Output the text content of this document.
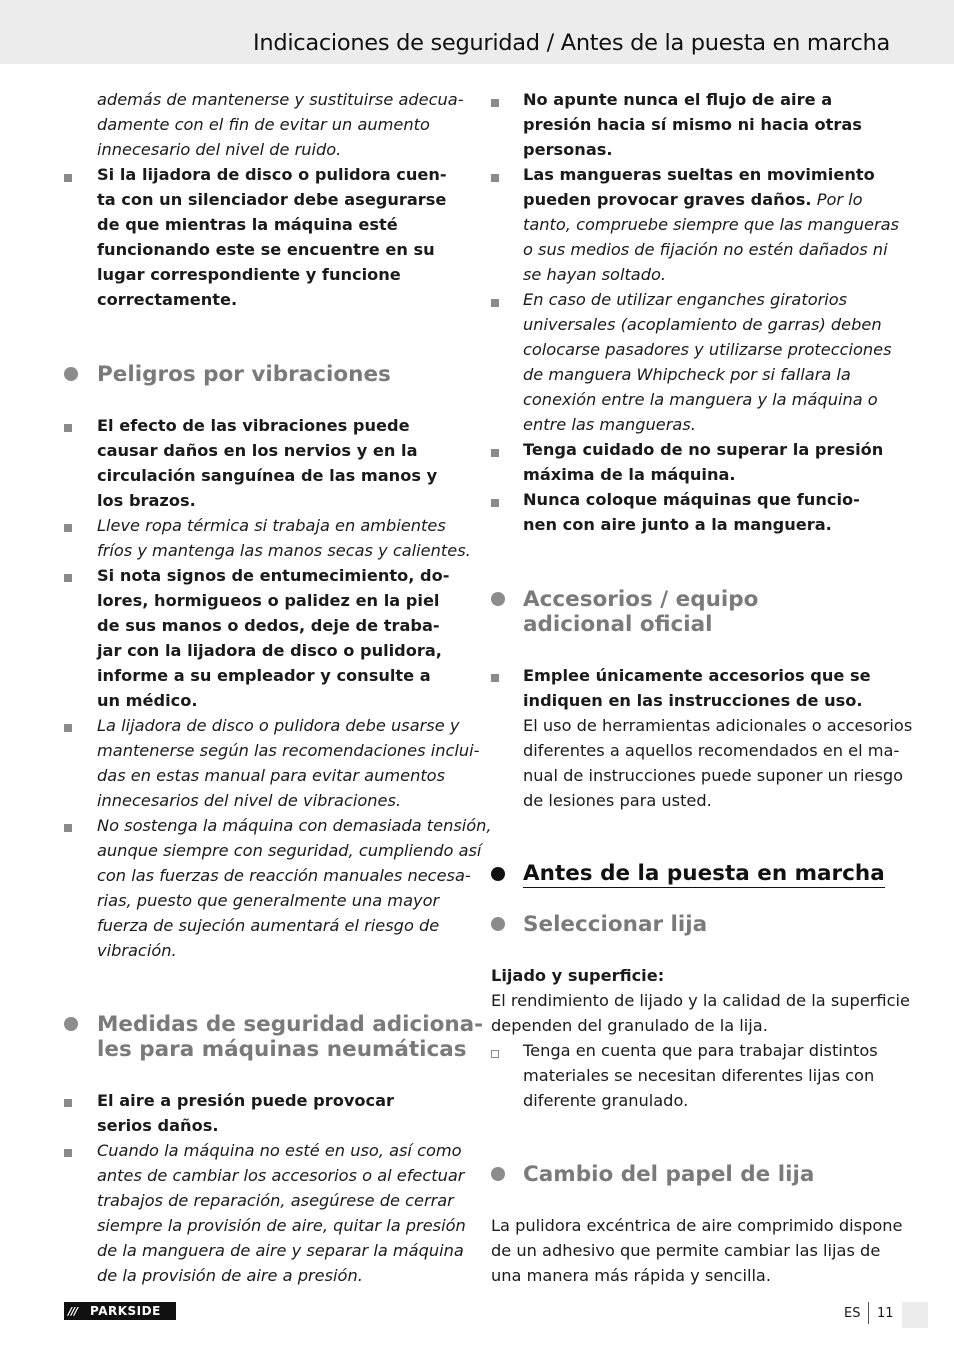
Indicaciones de seguridad / Antes de la puesta en marcha
además de mantenerse y sustituirse adecua-
damente con el fin de evitar un aumento
innecesario del nivel de ruido.
Si la lijadora de disco o pulidora cuen-
ta con un silenciador debe asegurarse
de que mientras la máquina esté
funcionando este se encuentre en su
lugar correspondiente y funcione
correctamente.
Peligros por vibraciones
El efecto de las vibraciones puede
causar daños en los nervios y en la
circulación sanguínea de las manos y
los brazos.
Lleve ropa térmica si trabaja en ambientes
fríos y mantenga las manos secas y calientes.
Si nota signos de entumecimiento, do-
lores, hormigueos o palidez en la piel
de sus manos o dedos, deje de traba-
jar con la lijadora de disco o pulidora,
informe a su empleador y consulte a
un médico.
La lijadora de disco o pulidora debe usarse y
mantenerse según las recomendaciones inclui-
das en estas manual para evitar aumentos
innecesarios del nivel de vibraciones.
No sostenga la máquina con demasiada tensión,
aunque siempre con seguridad, cumpliendo así
con las fuerzas de reacción manuales necesa-
rias, puesto que generalmente una mayor
fuerza de sujeción aumentará el riesgo de
vibración.
Medidas de seguridad adiciona-
les para máquinas neumáticas
El aire a presión puede provocar
serios daños.
Cuando la máquina no esté en uso, así como
antes de cambiar los accesorios o al efectuar
trabajos de reparación, asegúrese de cerrar
siempre la provisión de aire, quitar la presión
de la manguera de aire y separar la máquina
de la provisión de aire a presión.
No apunte nunca el flujo de aire a
presión hacia sí mismo ni hacia otras
personas.
Las mangueras sueltas en movimiento
pueden provocar graves daños. Por lo
tanto, compruebe siempre que las mangueras
o sus medios de fijación no estén dañados ni
se hayan soltado.
En caso de utilizar enganches giratorios
universales (acoplamiento de garras) deben
colocarse pasadores y utilizarse protecciones
de manguera Whipcheck por si fallara la
conexión entre la manguera y la máquina o
entre las mangueras.
Tenga cuidado de no superar la presión
máxima de la máquina.
Nunca coloque máquinas que funcio-
nen con aire junto a la manguera.
Accesorios / equipo
adicional oficial
Emplee únicamente accesorios que se
indiquen en las instrucciones de uso.
El uso de herramientas adicionales o accesorios
diferentes a aquellos recomendados en el ma-
nual de instrucciones puede suponer un riesgo
de lesiones para usted.
Antes de la puesta en marcha
Seleccionar lija
Lijado y superficie:
El rendimiento de lijado y la calidad de la superficie
dependen del granulado de la lija.
Tenga en cuenta que para trabajar distintos
materiales se necesitan diferentes lijas con
diferente granulado.
Cambio del papel de lija
La pulidora excéntrica de aire comprimido dispone
de un adhesivo que permite cambiar las lijas de
una manera más rápida y sencilla.
/// PARKSIDE	ES 11
